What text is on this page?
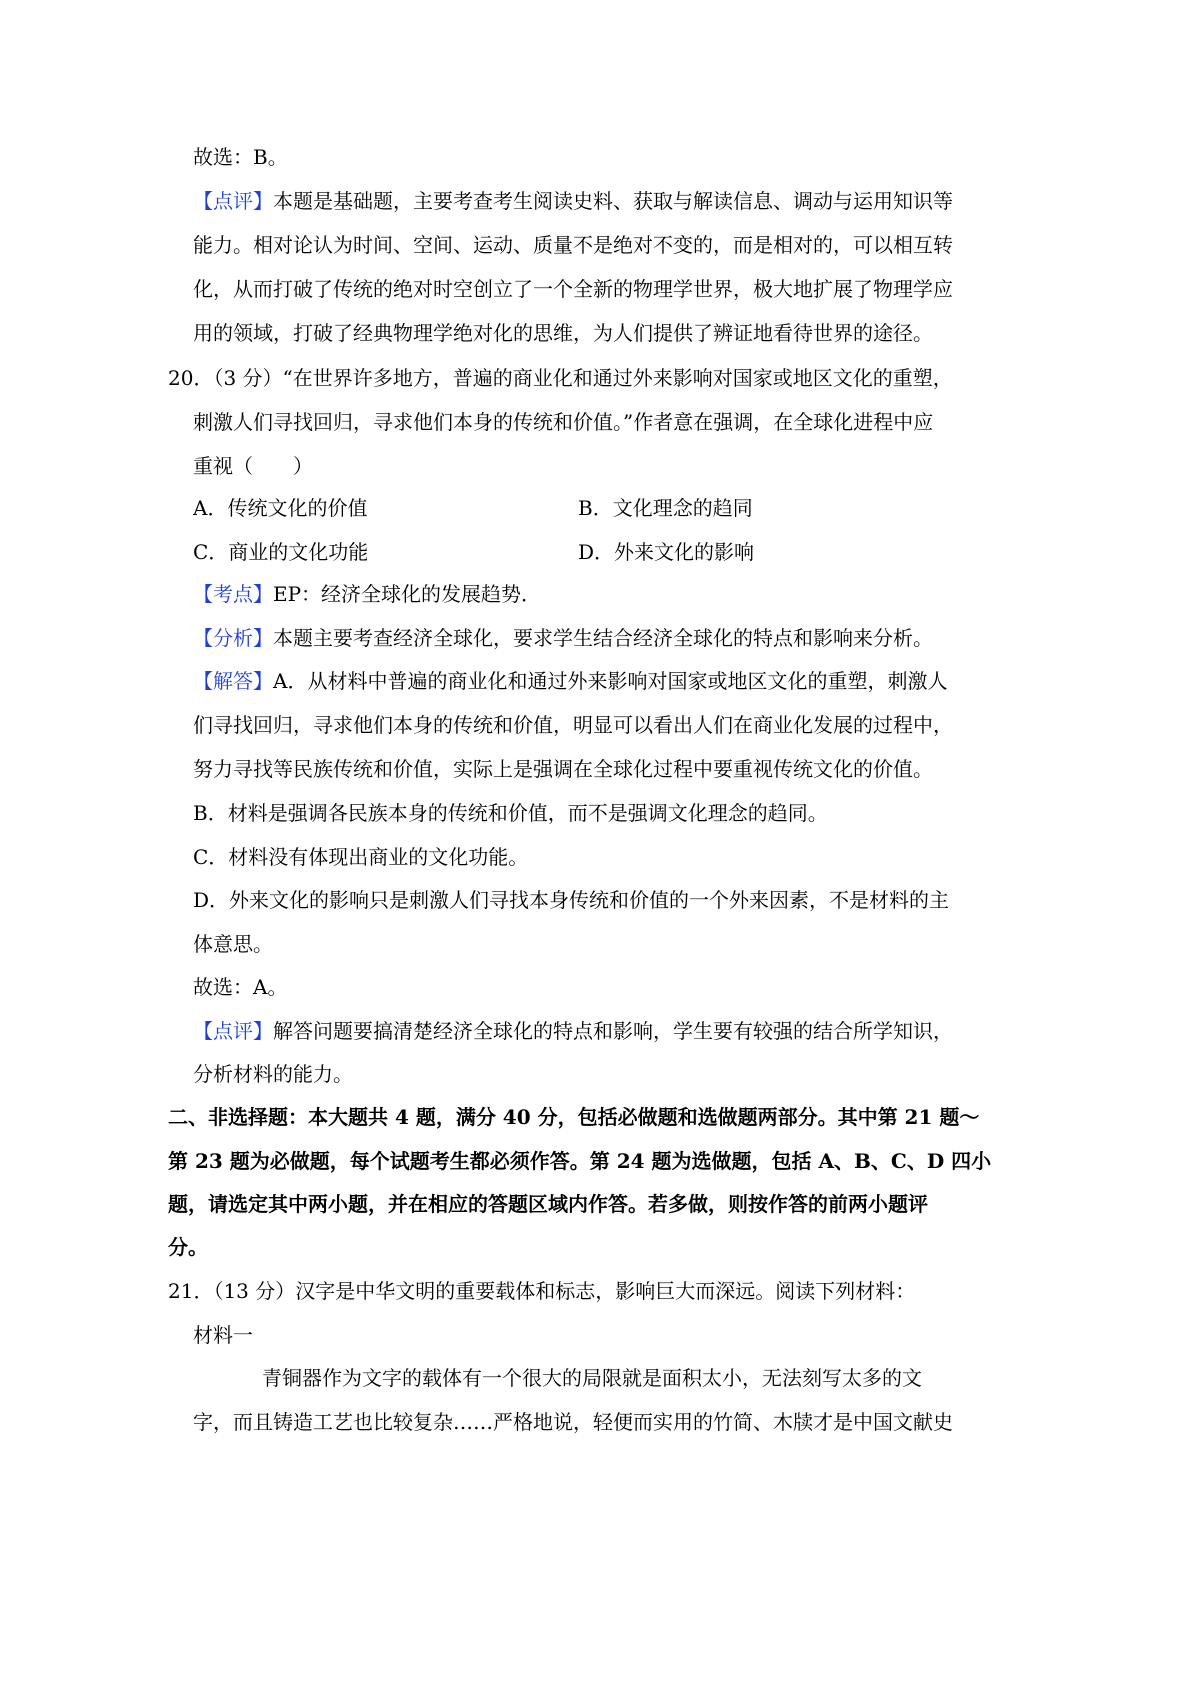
故选：B。
【点评】本题是基础题，主要考查考生阅读史料、获取与解读信息、调动与运用知识等
能力。相对论认为时间、空间、运动、质量不是绝对不变的，而是相对的，可以相互转
化，从而打破了传统的绝对时空创立了一个全新的物理学世界，极大地扩展了物理学应
用的领域，打破了经典物理学绝对化的思维，为人们提供了辨证地看待世界的途径。
20．（3 分）“在世界许多地方，普遍的商业化和通过外来影响对国家或地区文化的重塑，
刺激人们寻找回归，寻求他们本身的传统和价值。”作者意在强调，在全球化进程中应
重视（　　）
A．传统文化的价值	B．文化理念的趋同
C．商业的文化功能	D．外来文化的影响
【考点】EP：经济全球化的发展趋势．
【分析】本题主要考查经济全球化，要求学生结合经济全球化的特点和影响来分析。
【解答】A．从材料中普遍的商业化和通过外来影响对国家或地区文化的重塑，刺激人
们寻找回归，寻求他们本身的传统和价值，明显可以看出人们在商业化发展的过程中，
努力寻找等民族传统和价值，实际上是强调在全球化过程中要重视传统文化的价值。
B．材料是强调各民族本身的传统和价值，而不是强调文化理念的趋同。
C．材料没有体现出商业的文化功能。
D．外来文化的影响只是刺激人们寻找本身传统和价值的一个外来因素，不是材料的主
体意思。
故选：A。
【点评】解答问题要搞清楚经济全球化的特点和影响，学生要有较强的结合所学知识，
分析材料的能力。
二、非选择题：本大题共 4 题，满分 40 分，包括必做题和选做题两部分。其中第 21 题～
第 23 题为必做题，每个试题考生都必须作答。第 24 题为选做题，包括 A、B、C、D 四小
题，请选定其中两小题，并在相应的答题区域内作答。若多做，则按作答的前两小题评
分。
21．（13 分）汉字是中华文明的重要载体和标志，影响巨大而深远。阅读下列材料：
材料一
青铜器作为文字的载体有一个很大的局限就是面积太小，无法刻写太多的文
字，而且铸造工艺也比较复杂……严格地说，轻便而实用的竹简、木牍才是中国文献史
